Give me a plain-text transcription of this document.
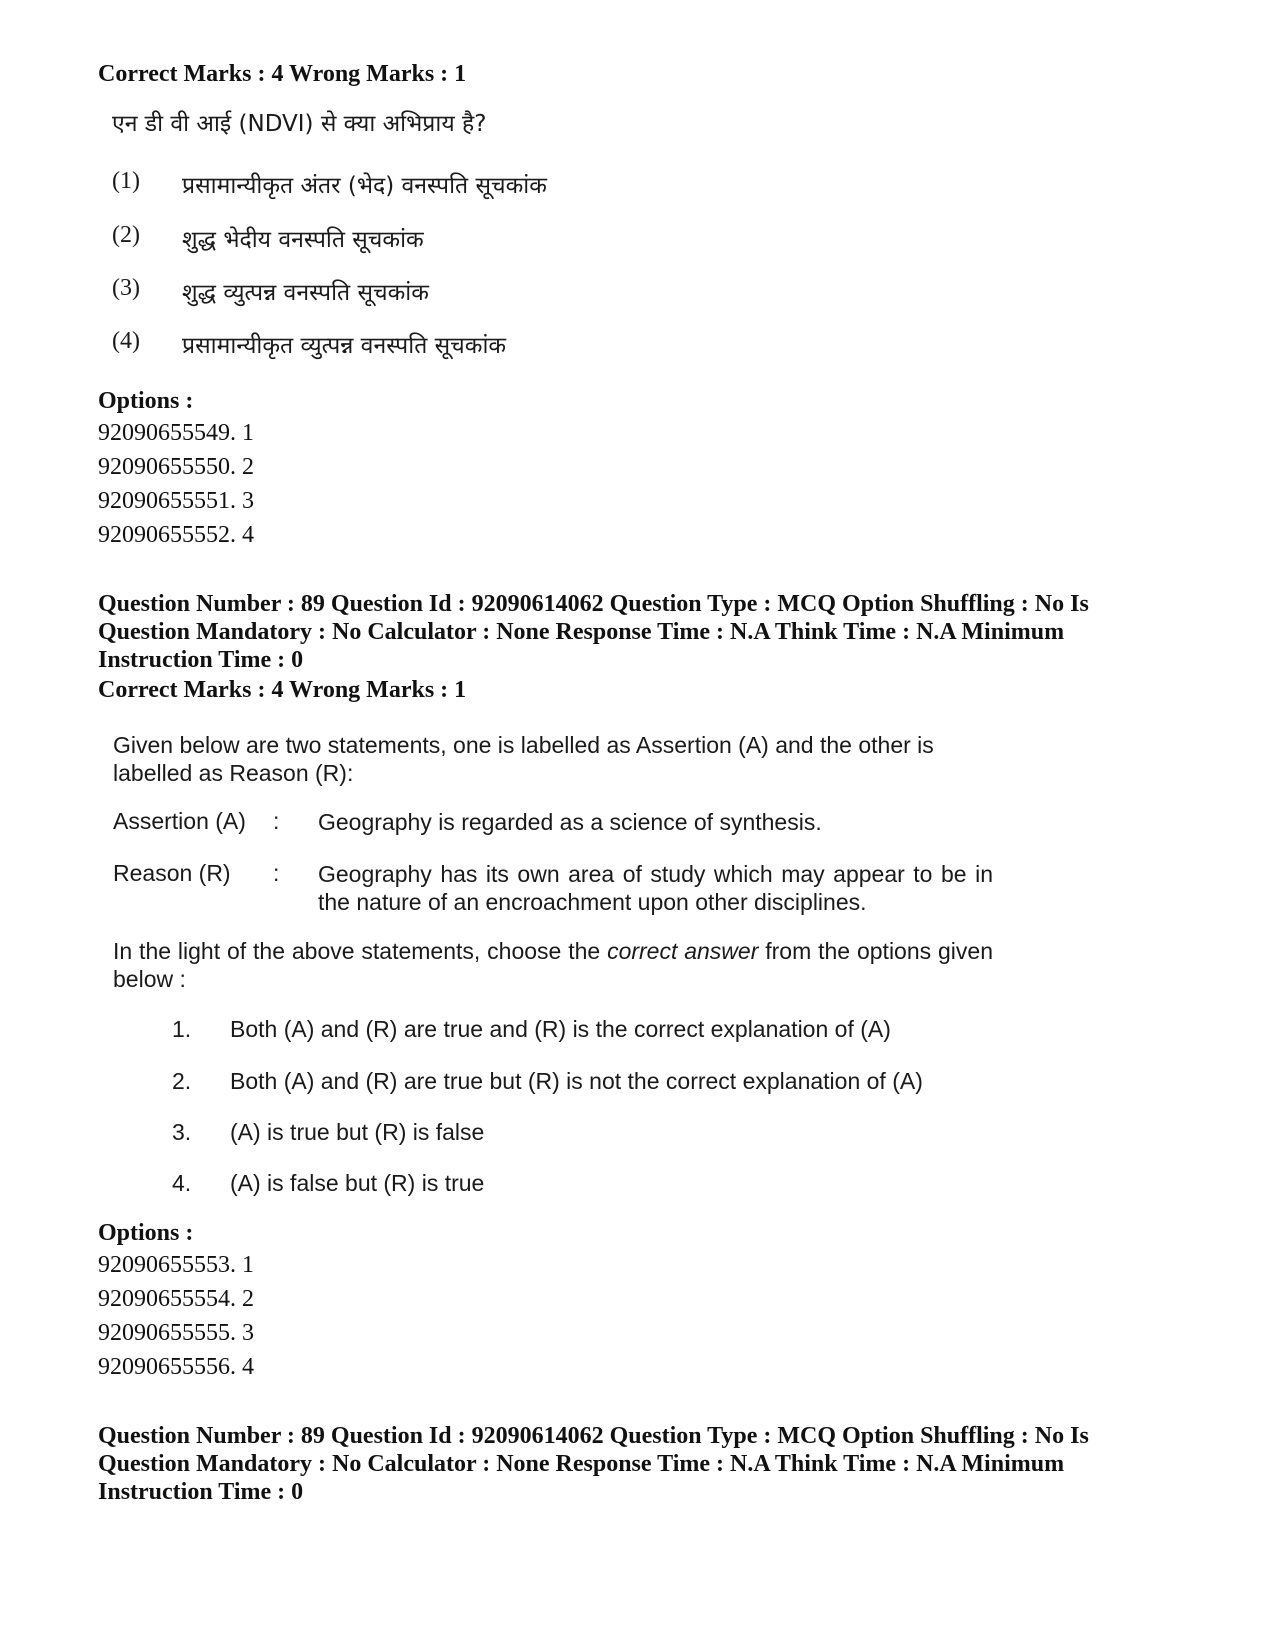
Correct Marks : 4 Wrong Marks : 1
एन डी वी आई (NDVI) से क्या अभिप्राय है?
(1)	प्रसामान्यीकृत अंतर (भेद) वनस्पति सूचकांक
(2)	शुद्ध भेदीय वनस्पति सूचकांक
(3)	शुद्ध व्युत्पन्न वनस्पति सूचकांक
(4)	प्रसामान्यीकृत व्युत्पन्न वनस्पति सूचकांक
Options :
92090655549. 1
92090655550. 2
92090655551. 3
92090655552. 4
Question Number : 89 Question Id : 92090614062 Question Type : MCQ Option Shuffling : No Is
Question Mandatory : No Calculator : None Response Time : N.A Think Time : N.A Minimum
Instruction Time : 0
Correct Marks : 4 Wrong Marks : 1
Given below are two statements, one is labelled as Assertion (A) and the other is labelled as Reason (R):
Assertion (A)	: Geography is regarded as a science of synthesis.
Reason (R)	: Geography has its own area of study which may appear to be in the nature of an encroachment upon other disciplines.
In the light of the above statements, choose the correct answer from the options given below :
1.	Both (A) and (R) are true and (R) is the correct explanation of (A)
2.	Both (A) and (R) are true but (R) is not the correct explanation of (A)
3.	(A) is true but (R) is false
4.	(A) is false but (R) is true
Options :
92090655553. 1
92090655554. 2
92090655555. 3
92090655556. 4
Question Number : 89 Question Id : 92090614062 Question Type : MCQ Option Shuffling : No Is
Question Mandatory : No Calculator : None Response Time : N.A Think Time : N.A Minimum
Instruction Time : 0
